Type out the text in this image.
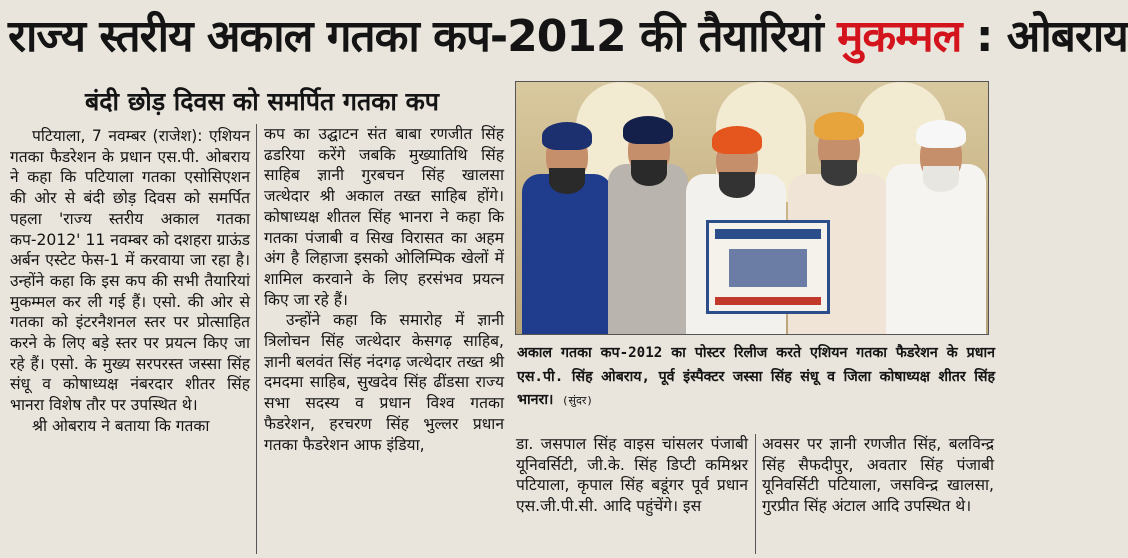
राज्य स्तरीय अकाल गतका कप-2012 की तैयारियां मुकम्मल : ओबराय
बंदी छोड़ दिवस को समर्पित गतका कप

पटियाला, 7 नवम्बर (राजेश): एशियन गतका फैडरेशन के प्रधान एस.पी. ओबराय ने कहा कि पटियाला गतका एसोसिएशन की ओर से बंदी छोड़ दिवस को समर्पित पहला 'राज्य स्तरीय अकाल गतका कप-2012' 11 नवम्बर को दशहरा ग्राऊंड अर्बन एस्टेट फेस-1 में करवाया जा रहा है। उन्होंने कहा कि इस कप की सभी तैयारियां मुकम्मल कर ली गई हैं। एसो. की ओर से गतका को इंटरनैशनल स्तर पर प्रोत्साहित करने के लिए बड़े स्तर पर प्रयत्न किए जा रहे हैं। एसो. के मुख्य सरपरस्त जस्सा सिंह संधू व कोषाध्यक्ष नंबरदार शीतर सिंह भानरा विशेष तौर पर उपस्थित थे।

श्री ओबराय ने बताया कि गतका

कप का उद्घाटन संत बाबा रणजीत सिंह ढडरिया करेंगे जबकि मुख्यातिथि सिंह साहिब ज्ञानी गुरबचन सिंह खालसा जत्थेदार श्री अकाल तख्त साहिब होंगे। कोषाध्यक्ष शीतल सिंह भानरा ने कहा कि गतका पंजाबी व सिख विरासत का अहम अंग है लिहाजा इसको ओलिम्पिक खेलों में शामिल करवाने के लिए हरसंभव प्रयत्न किए जा रहे हैं।

उन्होंने कहा कि समारोह में ज्ञानी त्रिलोचन सिंह जत्थेदार केसगढ़ साहिब, ज्ञानी बलवंत सिंह नंदगढ़ जत्थेदार तख्त श्री दमदमा साहिब, सुखदेव सिंह ढींडसा राज्य सभा सदस्य व प्रधान विश्व गतका फैडरेशन, हरचरण सिंह भुल्लर प्रधान गतका फैडरेशन आफ इंडिया,

अकाल गतका कप-2012 का पोस्टर रिलीज करते एशियन गतका फैडरेशन के प्रधान एस.पी. सिंह ओबराय, पूर्व इंस्पैक्टर जस्सा सिंह संधू व जिला कोषाध्यक्ष शीतर सिंह भानरा। (सुंदर)

डा. जसपाल सिंह वाइस चांसलर पंजाबी यूनिवर्सिटी, जी.के. सिंह डिप्टी कमिश्नर पटियाला, कृपाल सिंह बडूंगर पूर्व प्रधान एस.जी.पी.सी. आदि पहुंचेंगे। इस

अवसर पर ज्ञानी रणजीत सिंह, बलविन्द्र सिंह सैफदीपुर, अवतार सिंह पंजाबी यूनिवर्सिटी पटियाला, जसविन्द्र खालसा, गुरप्रीत सिंह अंटाल आदि उपस्थित थे।
